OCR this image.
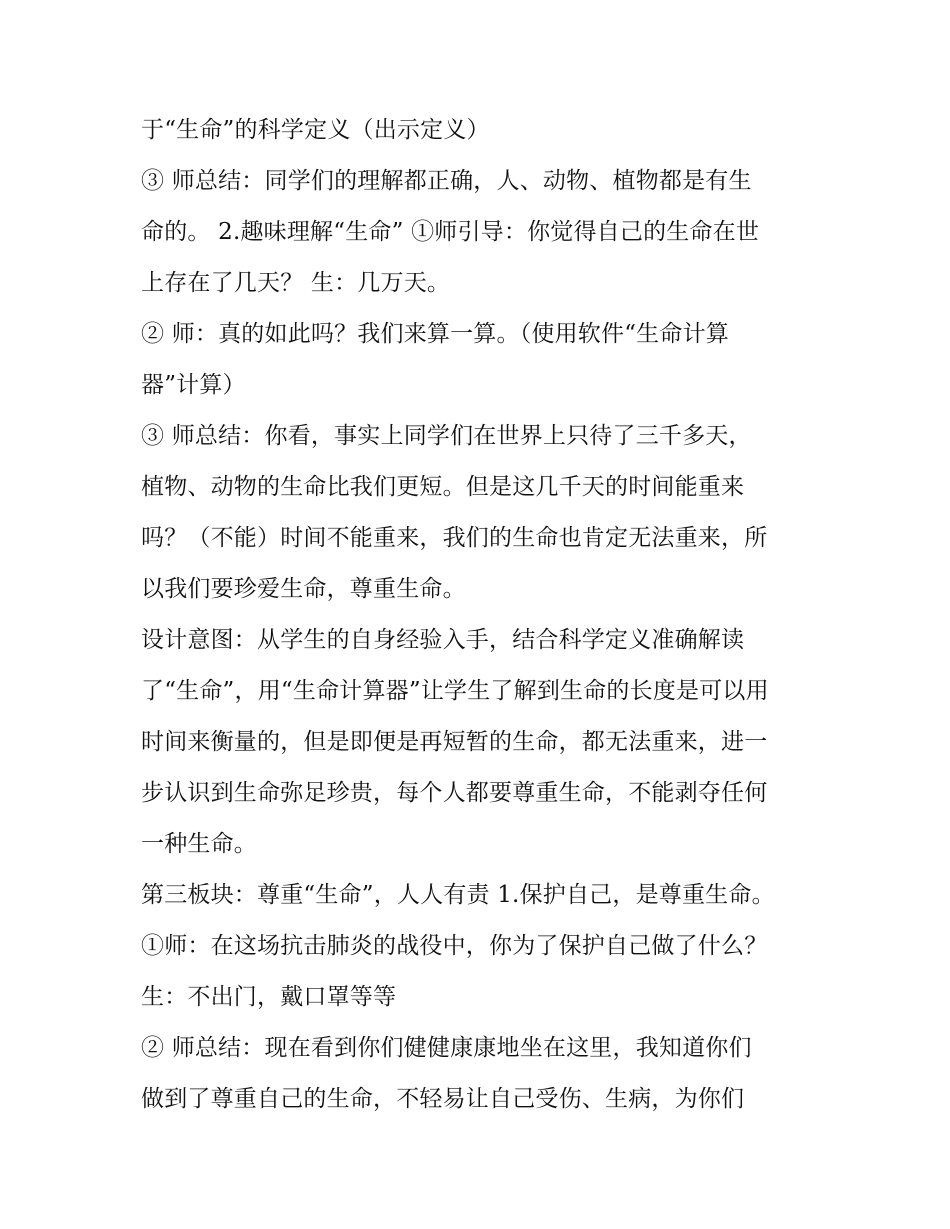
于“生命”的科学定义（出示定义）
③ 师总结：同学们的理解都正确，人、动物、植物都是有生
命的。 2.趣味理解“生命” ①师引导：你觉得自己的生命在世
上存在了几天？ 生：几万天。
② 师：真的如此吗？我们来算一算。（使用软件“生命计算
器”计算）
③ 师总结：你看，事实上同学们在世界上只待了三千多天，
植物、动物的生命比我们更短。但是这几千天的时间能重来
吗？（不能）时间不能重来，我们的生命也肯定无法重来，所
以我们要珍爱生命，尊重生命。
设计意图：从学生的自身经验入手，结合科学定义准确解读
了“生命”，用“生命计算器”让学生了解到生命的长度是可以用
时间来衡量的，但是即便是再短暂的生命，都无法重来，进一
步认识到生命弥足珍贵，每个人都要尊重生命，不能剥夺任何
一种生命。
第三板块：尊重“生命”，人人有责 1.保护自己，是尊重生命。
①师：在这场抗击肺炎的战役中，你为了保护自己做了什么？
生：不出门，戴口罩等等
② 师总结：现在看到你们健健康康地坐在这里，我知道你们
做到了尊重自己的生命，不轻易让自己受伤、生病，为你们
